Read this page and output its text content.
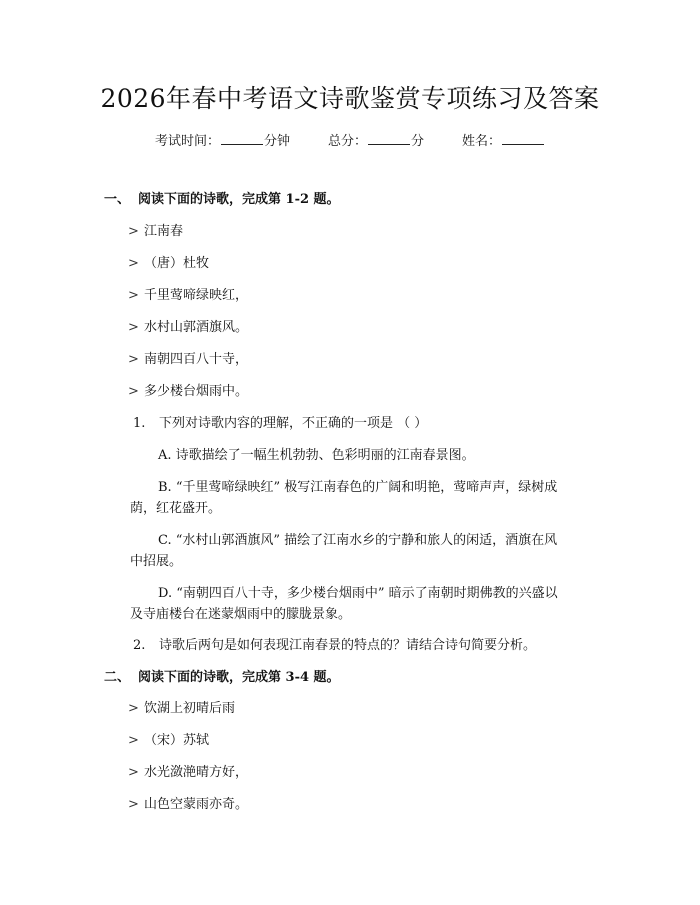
2026年春中考语文诗歌鉴赏专项练习及答案
考试时间：	分钟	总分：	分	姓名：
一、 阅读下面的诗歌，完成第 1-2 题。
> 江南春
> （唐）杜牧
> 千里莺啼绿映红，
> 水村山郭酒旗风。
> 南朝四百八十寺，
> 多少楼台烟雨中。
1. 下列对诗歌内容的理解，不正确的一项是 （ ）
A. 诗歌描绘了一幅生机勃勃、色彩明丽的江南春景图。
B. “千里莺啼绿映红” 极写江南春色的广阔和明艳，莺啼声声，绿树成
荫，红花盛开。
C. “水村山郭酒旗风” 描绘了江南水乡的宁静和旅人的闲适，酒旗在风
中招展。
D. “南朝四百八十寺，多少楼台烟雨中” 暗示了南朝时期佛教的兴盛以
及寺庙楼台在迷蒙烟雨中的朦胧景象。
2. 诗歌后两句是如何表现江南春景的特点的？请结合诗句简要分析。
二、 阅读下面的诗歌，完成第 3-4 题。
> 饮湖上初晴后雨
> （宋）苏轼
> 水光潋滟晴方好，
> 山色空蒙雨亦奇。
